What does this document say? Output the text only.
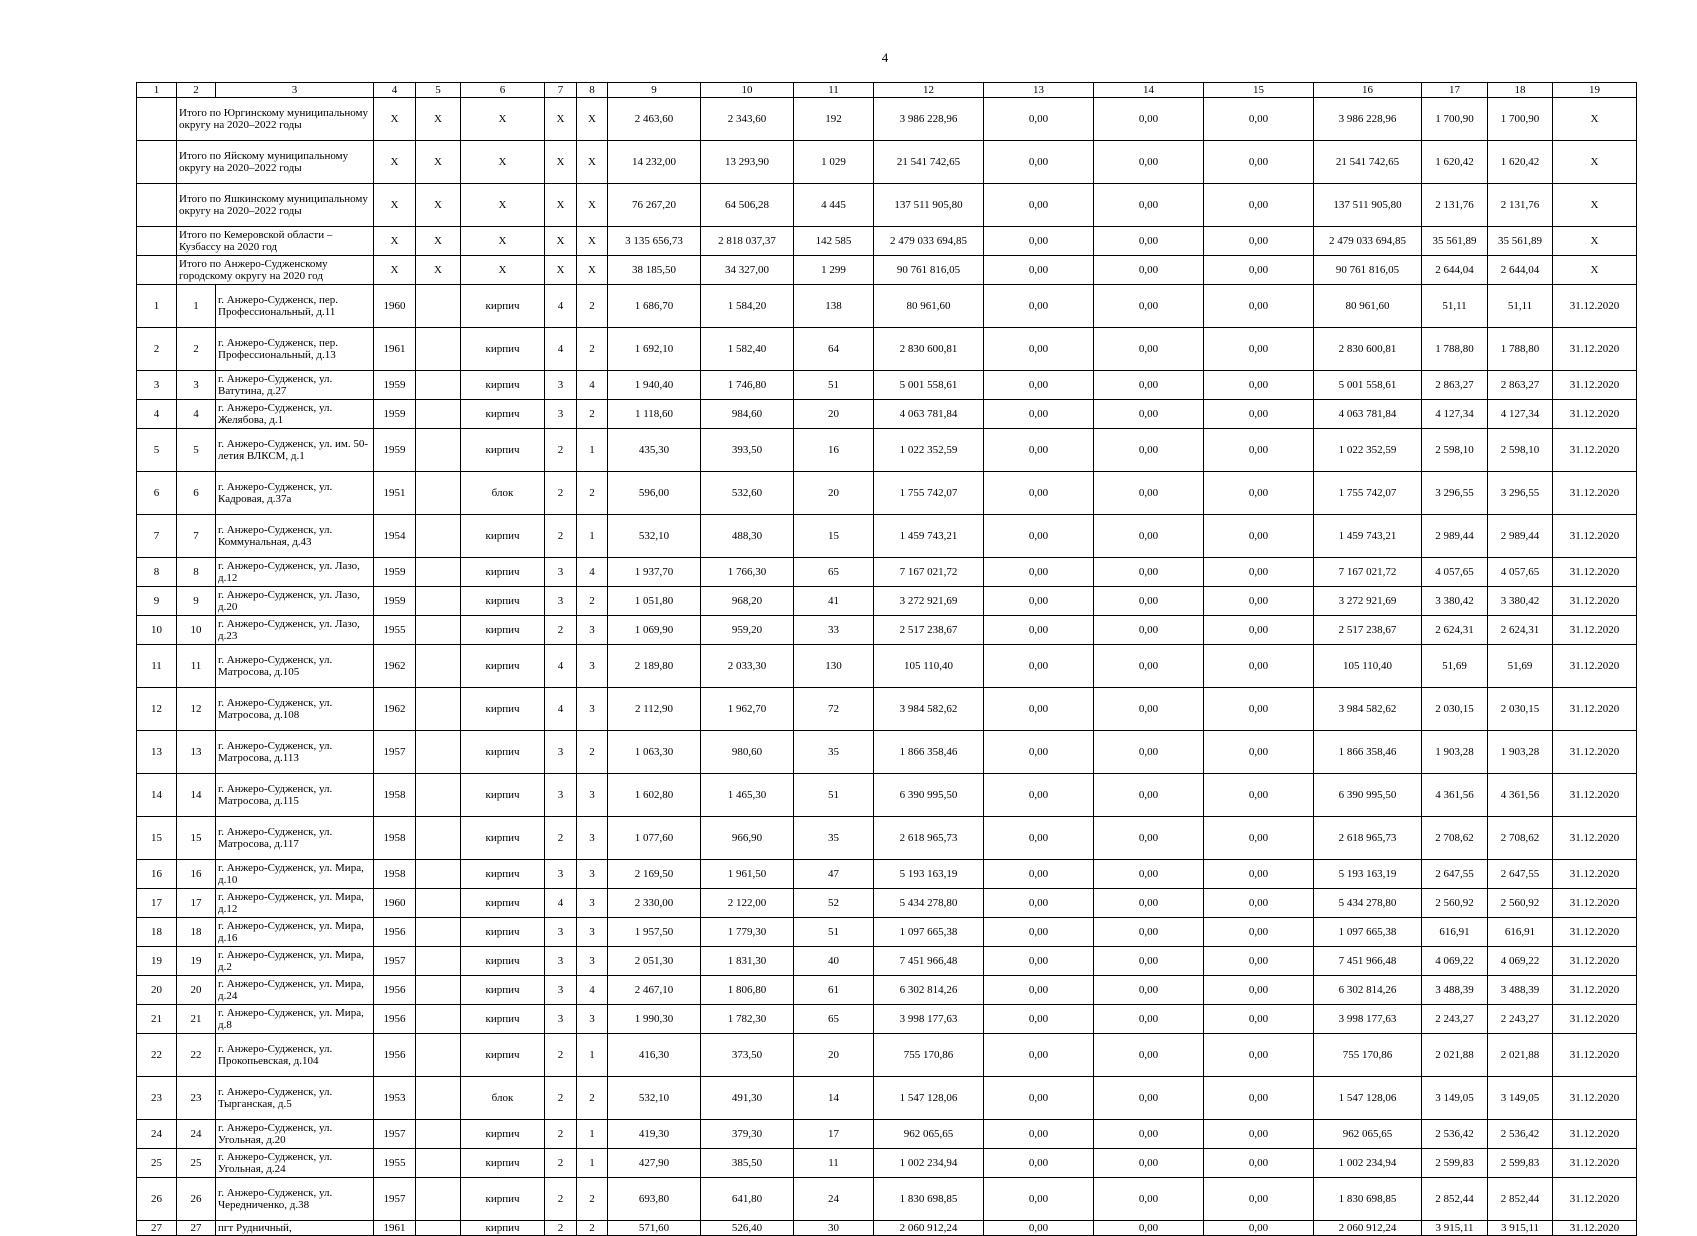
4
1	2	3	4	5	6	7	8	9	10	11	12	13	14	15	16	17	18	19
	Итого по Юргинскому муниципальному округу на 2020–2022 годы		X	X	X	X	X	2 463,60	2 343,60	192	3 986 228,96	0,00	0,00	0,00	3 986 228,96	1 700,90	1 700,90	X
	Итого по Яйскому муниципальному округу на 2020–2022 годы		X	X	X	X	X	14 232,00	13 293,90	1 029	21 541 742,65	0,00	0,00	0,00	21 541 742,65	1 620,42	1 620,42	X
	Итого по Яшкинскому муниципальному округу на 2020–2022 годы		X	X	X	X	X	76 267,20	64 506,28	4 445	137 511 905,80	0,00	0,00	0,00	137 511 905,80	2 131,76	2 131,76	X
	Итого по Кемеровской области – Кузбассу на 2020 год		X	X	X	X	X	3 135 656,73	2 818 037,37	142 585	2 479 033 694,85	0,00	0,00	0,00	2 479 033 694,85	35 561,89	35 561,89	X
	Итого по Анжеро-Судженскому городскому округу на 2020 год		X	X	X	X	X	38 185,50	34 327,00	1 299	90 761 816,05	0,00	0,00	0,00	90 761 816,05	2 644,04	2 644,04	X
1	1	г. Анжеро-Судженск, пер. Профессиональный, д.11	1960		кирпич	4	2	1 686,70	1 584,20	138	80 961,60	0,00	0,00	0,00	80 961,60	51,11	51,11	31.12.2020
2	2	г. Анжеро-Судженск, пер. Профессиональный, д.13	1961		кирпич	4	2	1 692,10	1 582,40	64	2 830 600,81	0,00	0,00	0,00	2 830 600,81	1 788,80	1 788,80	31.12.2020
3	3	г. Анжеро-Судженск, ул. Ватутина, д.27	1959		кирпич	3	4	1 940,40	1 746,80	51	5 001 558,61	0,00	0,00	0,00	5 001 558,61	2 863,27	2 863,27	31.12.2020
4	4	г. Анжеро-Судженск, ул. Желябова, д.1	1959		кирпич	3	2	1 118,60	984,60	20	4 063 781,84	0,00	0,00	0,00	4 063 781,84	4 127,34	4 127,34	31.12.2020
5	5	г. Анжеро-Судженск, ул. им. 50-летия ВЛКСМ, д.1	1959		кирпич	2	1	435,30	393,50	16	1 022 352,59	0,00	0,00	0,00	1 022 352,59	2 598,10	2 598,10	31.12.2020
6	6	г. Анжеро-Судженск, ул. Кадровая, д.37а	1951		блок	2	2	596,00	532,60	20	1 755 742,07	0,00	0,00	0,00	1 755 742,07	3 296,55	3 296,55	31.12.2020
7	7	г. Анжеро-Судженск, ул. Коммунальная, д.43	1954		кирпич	2	1	532,10	488,30	15	1 459 743,21	0,00	0,00	0,00	1 459 743,21	2 989,44	2 989,44	31.12.2020
8	8	г. Анжеро-Судженск, ул. Лазо, д.12	1959		кирпич	3	4	1 937,70	1 766,30	65	7 167 021,72	0,00	0,00	0,00	7 167 021,72	4 057,65	4 057,65	31.12.2020
9	9	г. Анжеро-Судженск, ул. Лазо, д.20	1959		кирпич	3	2	1 051,80	968,20	41	3 272 921,69	0,00	0,00	0,00	3 272 921,69	3 380,42	3 380,42	31.12.2020
10	10	г. Анжеро-Судженск, ул. Лазо, д.23	1955		кирпич	2	3	1 069,90	959,20	33	2 517 238,67	0,00	0,00	0,00	2 517 238,67	2 624,31	2 624,31	31.12.2020
11	11	г. Анжеро-Судженск, ул. Матросова, д.105	1962		кирпич	4	3	2 189,80	2 033,30	130	105 110,40	0,00	0,00	0,00	105 110,40	51,69	51,69	31.12.2020
12	12	г. Анжеро-Судженск, ул. Матросова, д.108	1962		кирпич	4	3	2 112,90	1 962,70	72	3 984 582,62	0,00	0,00	0,00	3 984 582,62	2 030,15	2 030,15	31.12.2020
13	13	г. Анжеро-Судженск, ул. Матросова, д.113	1957		кирпич	3	2	1 063,30	980,60	35	1 866 358,46	0,00	0,00	0,00	1 866 358,46	1 903,28	1 903,28	31.12.2020
14	14	г. Анжеро-Судженск, ул. Матросова, д.115	1958		кирпич	3	3	1 602,80	1 465,30	51	6 390 995,50	0,00	0,00	0,00	6 390 995,50	4 361,56	4 361,56	31.12.2020
15	15	г. Анжеро-Судженск, ул. Матросова, д.117	1958		кирпич	2	3	1 077,60	966,90	35	2 618 965,73	0,00	0,00	0,00	2 618 965,73	2 708,62	2 708,62	31.12.2020
16	16	г. Анжеро-Судженск, ул. Мира, д.10	1958		кирпич	3	3	2 169,50	1 961,50	47	5 193 163,19	0,00	0,00	0,00	5 193 163,19	2 647,55	2 647,55	31.12.2020
17	17	г. Анжеро-Судженск, ул. Мира, д.12	1960		кирпич	4	3	2 330,00	2 122,00	52	5 434 278,80	0,00	0,00	0,00	5 434 278,80	2 560,92	2 560,92	31.12.2020
18	18	г. Анжеро-Судженск, ул. Мира, д.16	1956		кирпич	3	3	1 957,50	1 779,30	51	1 097 665,38	0,00	0,00	0,00	1 097 665,38	616,91	616,91	31.12.2020
19	19	г. Анжеро-Судженск, ул. Мира, д.2	1957		кирпич	3	3	2 051,30	1 831,30	40	7 451 966,48	0,00	0,00	0,00	7 451 966,48	4 069,22	4 069,22	31.12.2020
20	20	г. Анжеро-Судженск, ул. Мира, д.24	1956		кирпич	3	4	2 467,10	1 806,80	61	6 302 814,26	0,00	0,00	0,00	6 302 814,26	3 488,39	3 488,39	31.12.2020
21	21	г. Анжеро-Судженск, ул. Мира, д.8	1956		кирпич	3	3	1 990,30	1 782,30	65	3 998 177,63	0,00	0,00	0,00	3 998 177,63	2 243,27	2 243,27	31.12.2020
22	22	г. Анжеро-Судженск, ул. Прокопьевская, д.104	1956		кирпич	2	1	416,30	373,50	20	755 170,86	0,00	0,00	0,00	755 170,86	2 021,88	2 021,88	31.12.2020
23	23	г. Анжеро-Судженск, ул. Тырганская, д.5	1953		блок	2	2	532,10	491,30	14	1 547 128,06	0,00	0,00	0,00	1 547 128,06	3 149,05	3 149,05	31.12.2020
24	24	г. Анжеро-Судженск, ул. Угольная, д.20	1957		кирпич	2	1	419,30	379,30	17	962 065,65	0,00	0,00	0,00	962 065,65	2 536,42	2 536,42	31.12.2020
25	25	г. Анжеро-Судженск, ул. Угольная, д.24	1955		кирпич	2	1	427,90	385,50	11	1 002 234,94	0,00	0,00	0,00	1 002 234,94	2 599,83	2 599,83	31.12.2020
26	26	г. Анжеро-Судженск, ул. Чередниченко, д.38	1957		кирпич	2	2	693,80	641,80	24	1 830 698,85	0,00	0,00	0,00	1 830 698,85	2 852,44	2 852,44	31.12.2020
27	27	пгт Рудничный,	1961		кирпич	2	2	571,60	526,40	30	2 060 912,24	0,00	0,00	0,00	2 060 912,24	3 915,11	3 915,11	31.12.2020
